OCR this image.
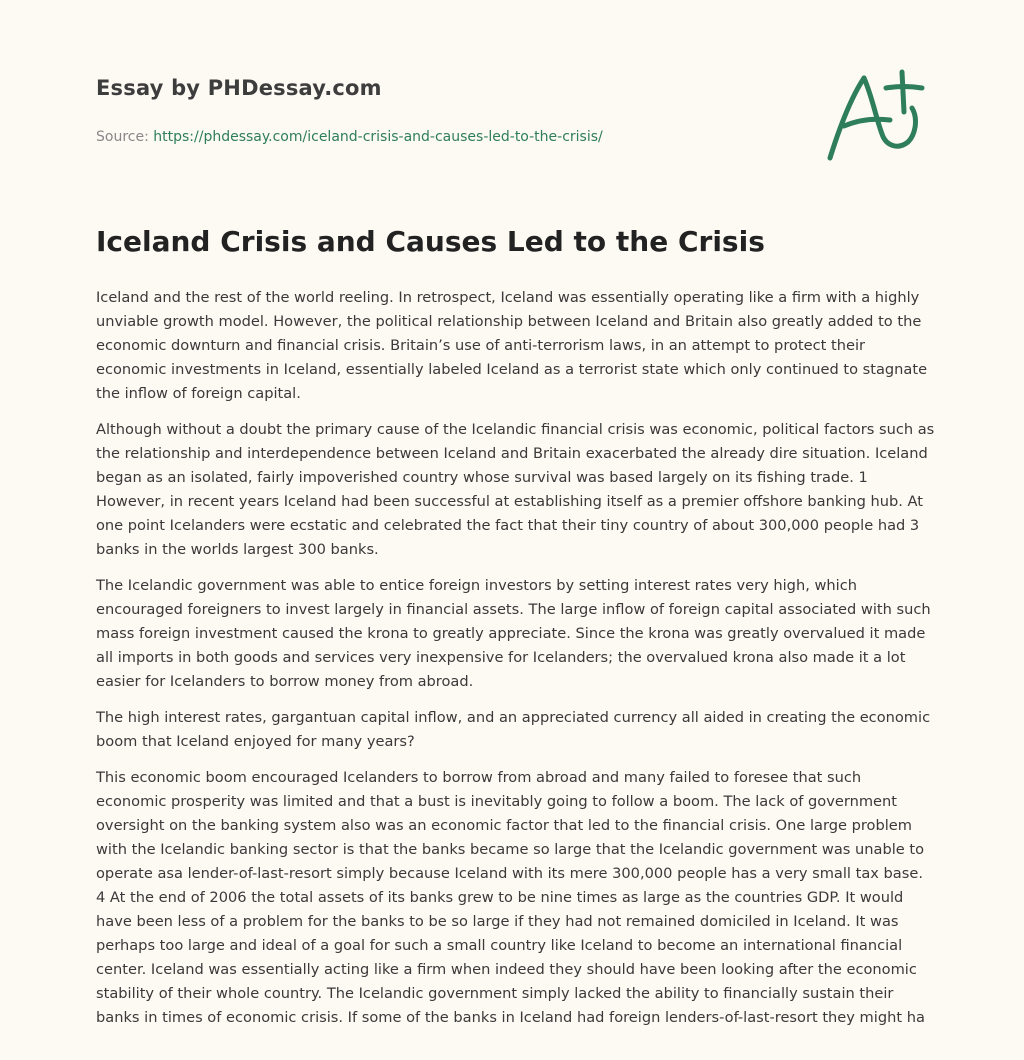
Essay by PHDessay.com
Source: https://phdessay.com/iceland-crisis-and-causes-led-to-the-crisis/
Iceland Crisis and Causes Led to the Crisis

Iceland and the rest of the world reeling. In retrospect, Iceland was essentially operating like a firm with a highly unviable growth model. However, the political relationship between Iceland and Britain also greatly added to the economic downturn and financial crisis. Britain’s use of anti-terrorism laws, in an attempt to protect their economic investments in Iceland, essentially labeled Iceland as a terrorist state which only continued to stagnate the inflow of foreign capital.

Although without a doubt the primary cause of the Icelandic financial crisis was economic, political factors such as the relationship and interdependence between Iceland and Britain exacerbated the already dire situation. Iceland began as an isolated, fairly impoverished country whose survival was based largely on its fishing trade. 1 However, in recent years Iceland had been successful at establishing itself as a premier offshore banking hub. At one point Icelanders were ecstatic and celebrated the fact that their tiny country of about 300,000 people had 3 banks in the worlds largest 300 banks.

The Icelandic government was able to entice foreign investors by setting interest rates very high, which encouraged foreigners to invest largely in financial assets. The large inflow of foreign capital associated with such mass foreign investment caused the krona to greatly appreciate. Since the krona was greatly overvalued it made all imports in both goods and services very inexpensive for Icelanders; the overvalued krona also made it a lot easier for Icelanders to borrow money from abroad.

The high interest rates, gargantuan capital inflow, and an appreciated currency all aided in creating the economic boom that Iceland enjoyed for many years?

This economic boom encouraged Icelanders to borrow from abroad and many failed to foresee that such economic prosperity was limited and that a bust is inevitably going to follow a boom. The lack of government oversight on the banking system also was an economic factor that led to the financial crisis. One large problem with the Icelandic banking sector is that the banks became so large that the Icelandic government was unable to operate asa lender-of-last-resort simply because Iceland with its mere 300,000 people has a very small tax base. 4 At the end of 2006 the total assets of its banks grew to be nine times as large as the countries GDP. It would have been less of a problem for the banks to be so large if they had not remained domiciled in Iceland. It was perhaps too large and ideal of a goal for such a small country like Iceland to become an international financial center. Iceland was essentially acting like a firm when indeed they should have been looking after the economic stability of their whole country. The Icelandic government simply lacked the ability to financially sustain their banks in times of economic crisis. If some of the banks in Iceland had foreign lenders-of-last-resort they might ha
